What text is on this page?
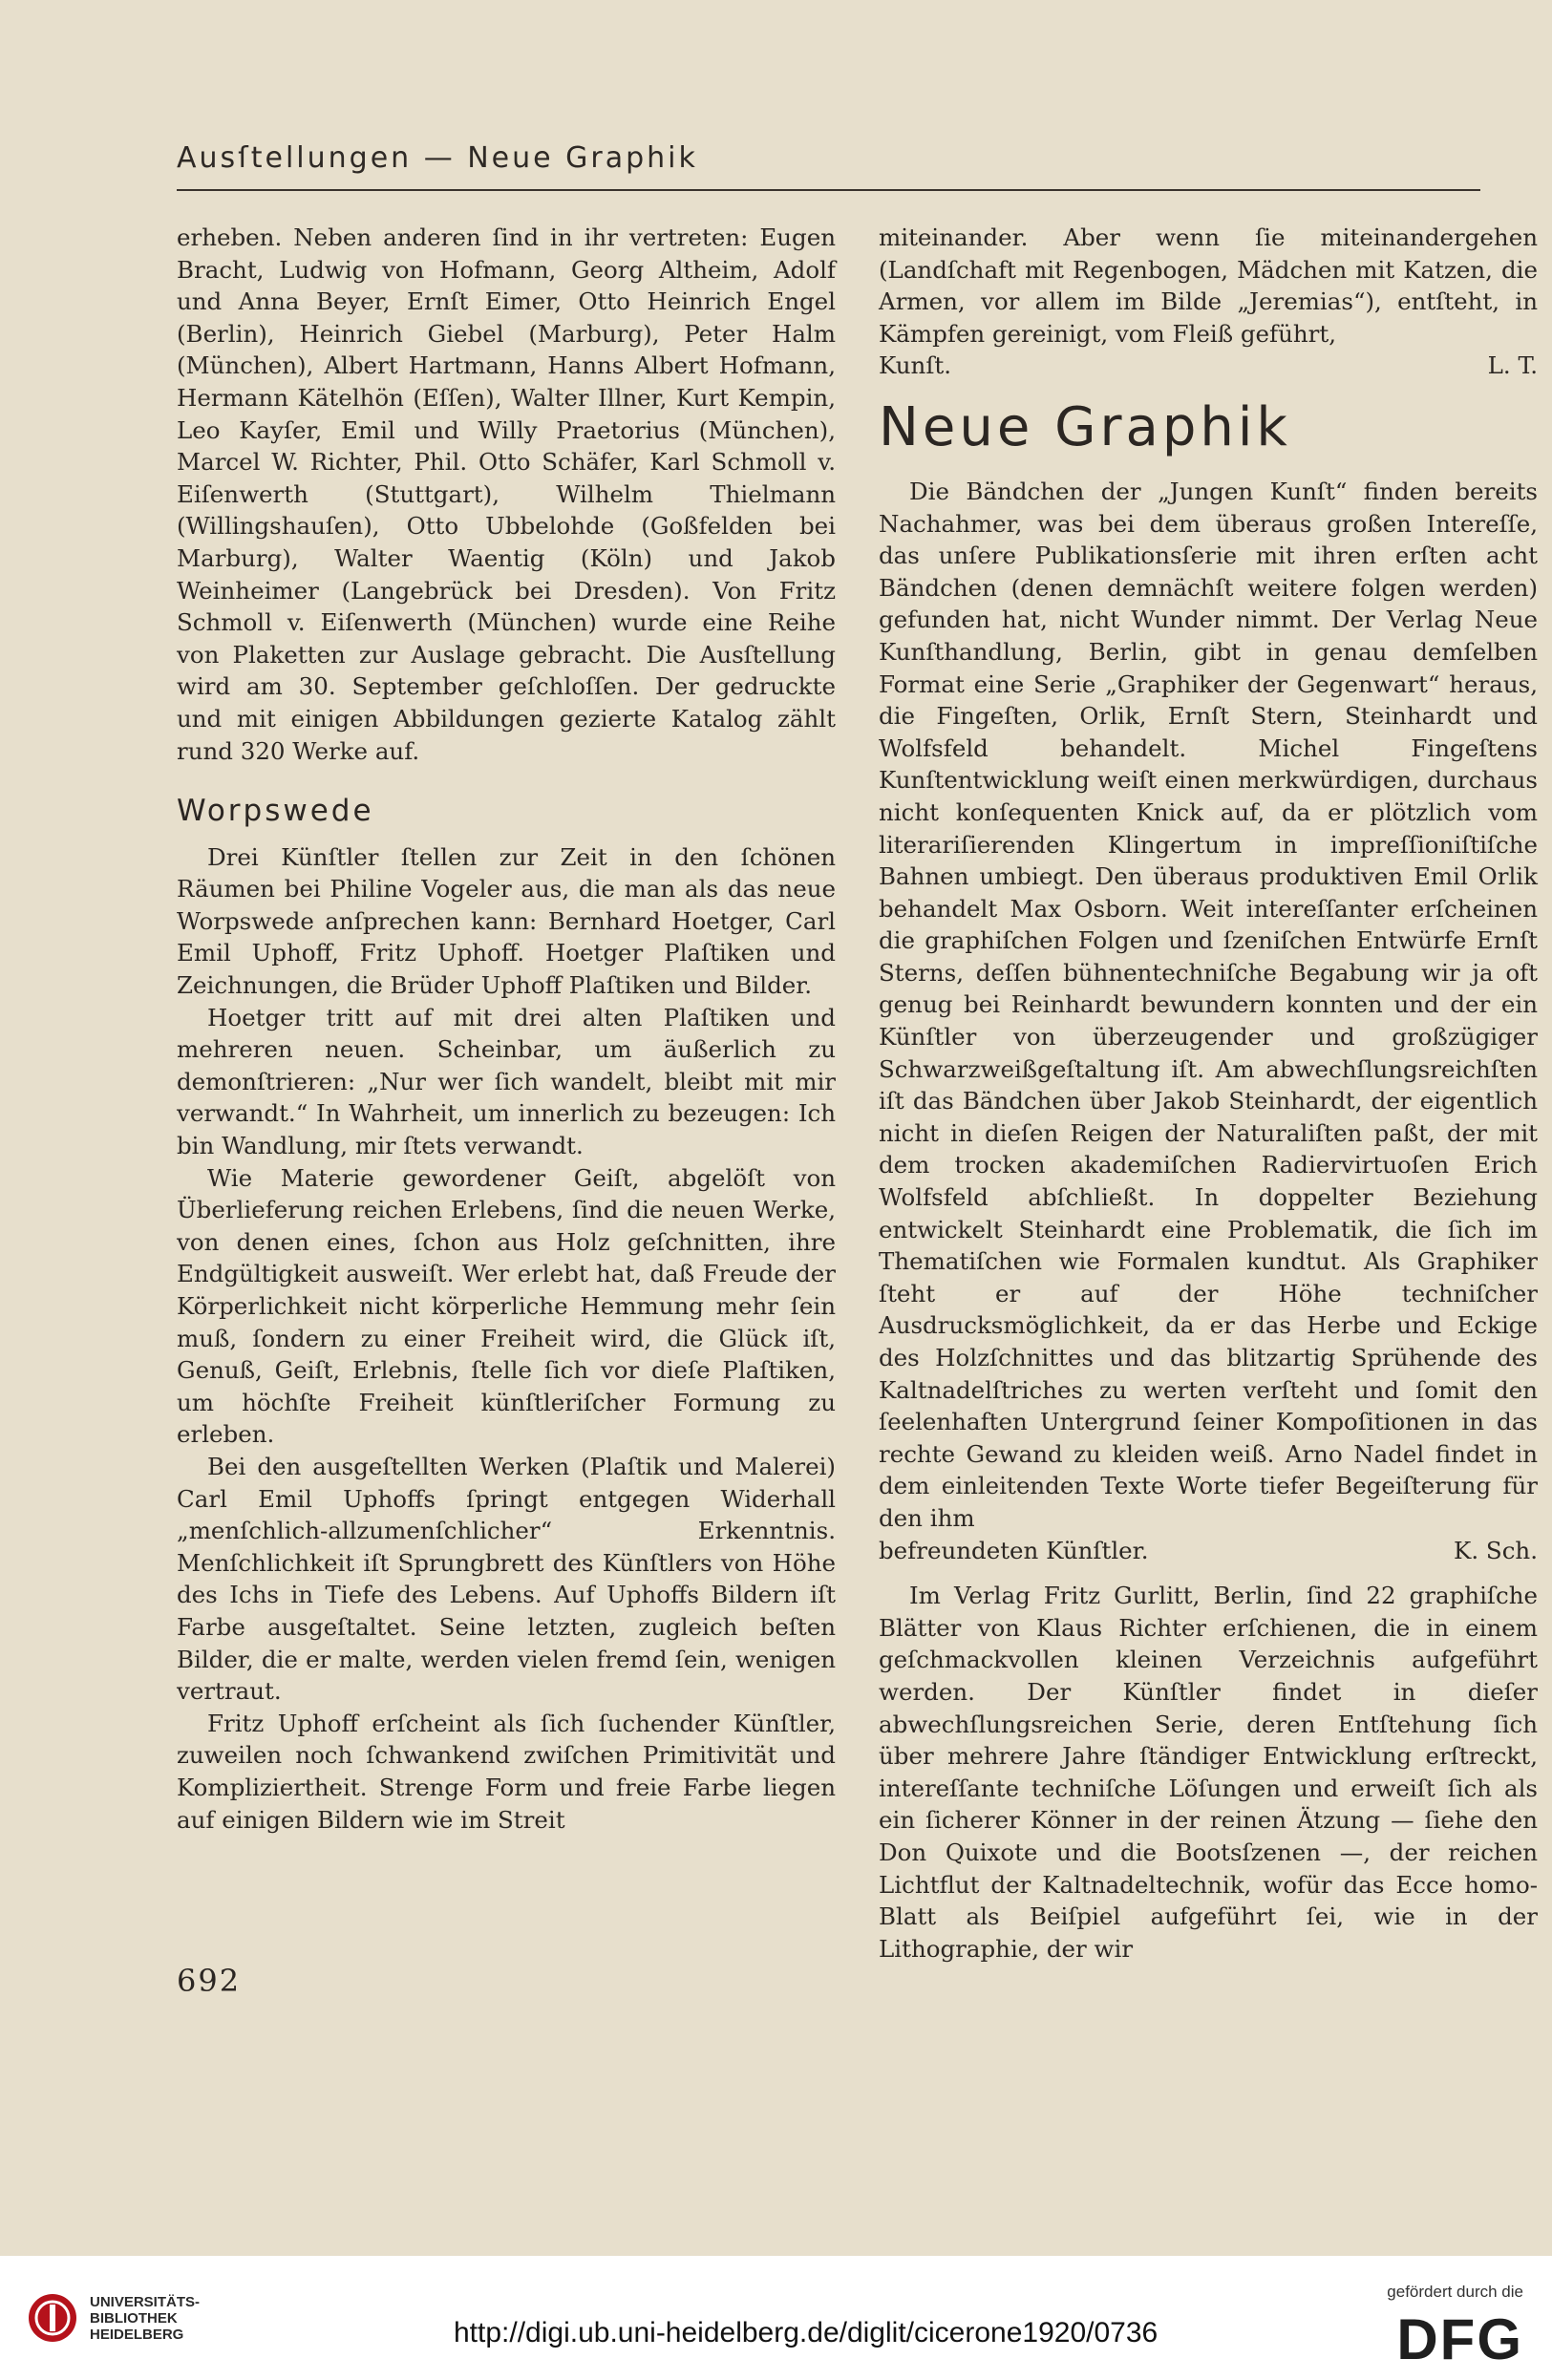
Ausſtellungen — Neue Graphik

erheben. Neben anderen ſind in ihr vertreten: Eugen Bracht, Ludwig von Hofmann, Georg Altheim, Adolf und Anna Beyer, Ernſt Eimer, Otto Heinrich Engel (Berlin), Heinrich Giebel (Marburg), Peter Halm (München), Albert Hartmann, Hanns Albert Hofmann, Hermann Kätelhön (Eſſen), Walter Illner, Kurt Kempin, Leo Kayſer, Emil und Willy Praetorius (München), Marcel W. Richter, Phil. Otto Schäfer, Karl Schmoll v. Eiſenwerth (Stuttgart), Wilhelm Thielmann (Willingshauſen), Otto Ubbelohde (Goßfelden bei Marburg), Walter Waentig (Köln) und Jakob Weinheimer (Langebrück bei Dresden). Von Fritz Schmoll v. Eiſenwerth (München) wurde eine Reihe von Plaketten zur Auslage gebracht. Die Ausſtellung wird am 30. September geſchloſſen. Der gedruckte und mit einigen Abbildungen gezierte Katalog zählt rund 320 Werke auf.

Worpswede

Drei Künſtler ſtellen zur Zeit in den ſchönen Räumen bei Philine Vogeler aus, die man als das neue Worpswede anſprechen kann: Bernhard Hoetger, Carl Emil Uphoff, Fritz Uphoff. Hoetger Plaſtiken und Zeichnungen, die Brüder Uphoff Plaſtiken und Bilder.

Hoetger tritt auf mit drei alten Plaſtiken und mehreren neuen. Scheinbar, um äußerlich zu demonſtrieren: „Nur wer ſich wandelt, bleibt mit mir verwandt.“ In Wahrheit, um innerlich zu bezeugen: Ich bin Wandlung, mir ſtets verwandt.

Wie Materie gewordener Geiſt, abgelöſt von Überlieferung reichen Erlebens, ſind die neuen Werke, von denen eines, ſchon aus Holz geſchnitten, ihre Endgültigkeit ausweiſt. Wer erlebt hat, daß Freude der Körperlichkeit nicht körperliche Hemmung mehr ſein muß, ſondern zu einer Freiheit wird, die Glück iſt, Genuß, Geiſt, Erlebnis, ſtelle ſich vor dieſe Plaſtiken, um höchſte Freiheit künſtleriſcher Formung zu erleben.

Bei den ausgeſtellten Werken (Plaſtik und Malerei) Carl Emil Uphoffs ſpringt entgegen Widerhall „menſchlich-allzumenſchlicher“ Erkenntnis. Menſchlichkeit iſt Sprungbrett des Künſtlers von Höhe des Ichs in Tiefe des Lebens. Auf Uphoffs Bildern iſt Farbe ausgeſtaltet. Seine letzten, zugleich beſten Bilder, die er malte, werden vielen fremd ſein, wenigen vertraut.

Fritz Uphoff erſcheint als ſich ſuchender Künſtler, zuweilen noch ſchwankend zwiſchen Primitivität und Kompliziertheit. Strenge Form und freie Farbe liegen auf einigen Bildern wie im Streit

miteinander. Aber wenn ſie miteinandergehen (Landſchaft mit Regenbogen, Mädchen mit Katzen, die Armen, vor allem im Bilde „Jeremias“), entſteht, in Kämpfen gereinigt, vom Fleiß geführt,

Kunſt.	L. T.
Neue Graphik

Die Bändchen der „Jungen Kunſt“ finden bereits Nachahmer, was bei dem überaus großen Intereſſe, das unſere Publikationsſerie mit ihren erſten acht Bändchen (denen demnächſt weitere folgen werden) gefunden hat, nicht Wunder nimmt. Der Verlag Neue Kunſthandlung, Berlin, gibt in genau demſelben Format eine Serie „Graphiker der Gegenwart“ heraus, die Fingeſten, Orlik, Ernſt Stern, Steinhardt und Wolfsfeld behandelt. Michel Fingeſtens Kunſtentwicklung weiſt einen merkwürdigen, durchaus nicht konſequenten Knick auf, da er plötzlich vom literariſierenden Klingertum in impreſſioniſtiſche Bahnen umbiegt. Den überaus produktiven Emil Orlik behandelt Max Osborn. Weit intereſſanter erſcheinen die graphiſchen Folgen und ſzeniſchen Entwürfe Ernſt Sterns, deſſen bühnentechniſche Begabung wir ja oft genug bei Reinhardt bewundern konnten und der ein Künſtler von überzeugender und großzügiger Schwarzweißgeſtaltung iſt. Am abwechſlungsreichſten iſt das Bändchen über Jakob Steinhardt, der eigentlich nicht in dieſen Reigen der Naturaliſten paßt, der mit dem trocken akademiſchen Radiervirtuoſen Erich Wolfsfeld abſchließt. In doppelter Beziehung entwickelt Steinhardt eine Problematik, die ſich im Thematiſchen wie Formalen kundtut. Als Graphiker ſteht er auf der Höhe techniſcher Ausdrucksmöglichkeit, da er das Herbe und Eckige des Holzſchnittes und das blitzartig Sprühende des Kaltnadelſtriches zu werten verſteht und ſomit den ſeelenhaften Untergrund ſeiner Kompoſitionen in das rechte Gewand zu kleiden weiß. Arno Nadel findet in dem einleitenden Texte Worte tiefer Begeiſterung für den ihm

befreundeten Künſtler.	K. Sch.

Im Verlag Fritz Gurlitt, Berlin, ſind 22 graphiſche Blätter von Klaus Richter erſchienen, die in einem geſchmackvollen kleinen Verzeichnis aufgeführt werden. Der Künſtler findet in dieſer abwechſlungsreichen Serie, deren Entſtehung ſich über mehrere Jahre ſtändiger Entwicklung erſtreckt, intereſſante techniſche Löſungen und erweiſt ſich als ein ſicherer Könner in der reinen Ätzung — ſiehe den Don Quixote und die Bootsſzenen —, der reichen Lichtflut der Kaltnadeltechnik, wofür das Ecce homo-Blatt als Beiſpiel aufgeführt ſei, wie in der Lithographie, der wir

692
UNIVERSITÄTS-
BIBLIOTHEK
HEIDELBERG	http://digi.ub.uni-heidelberg.de/diglit/cicerone1920/0736
gefördert durch die
DFG
